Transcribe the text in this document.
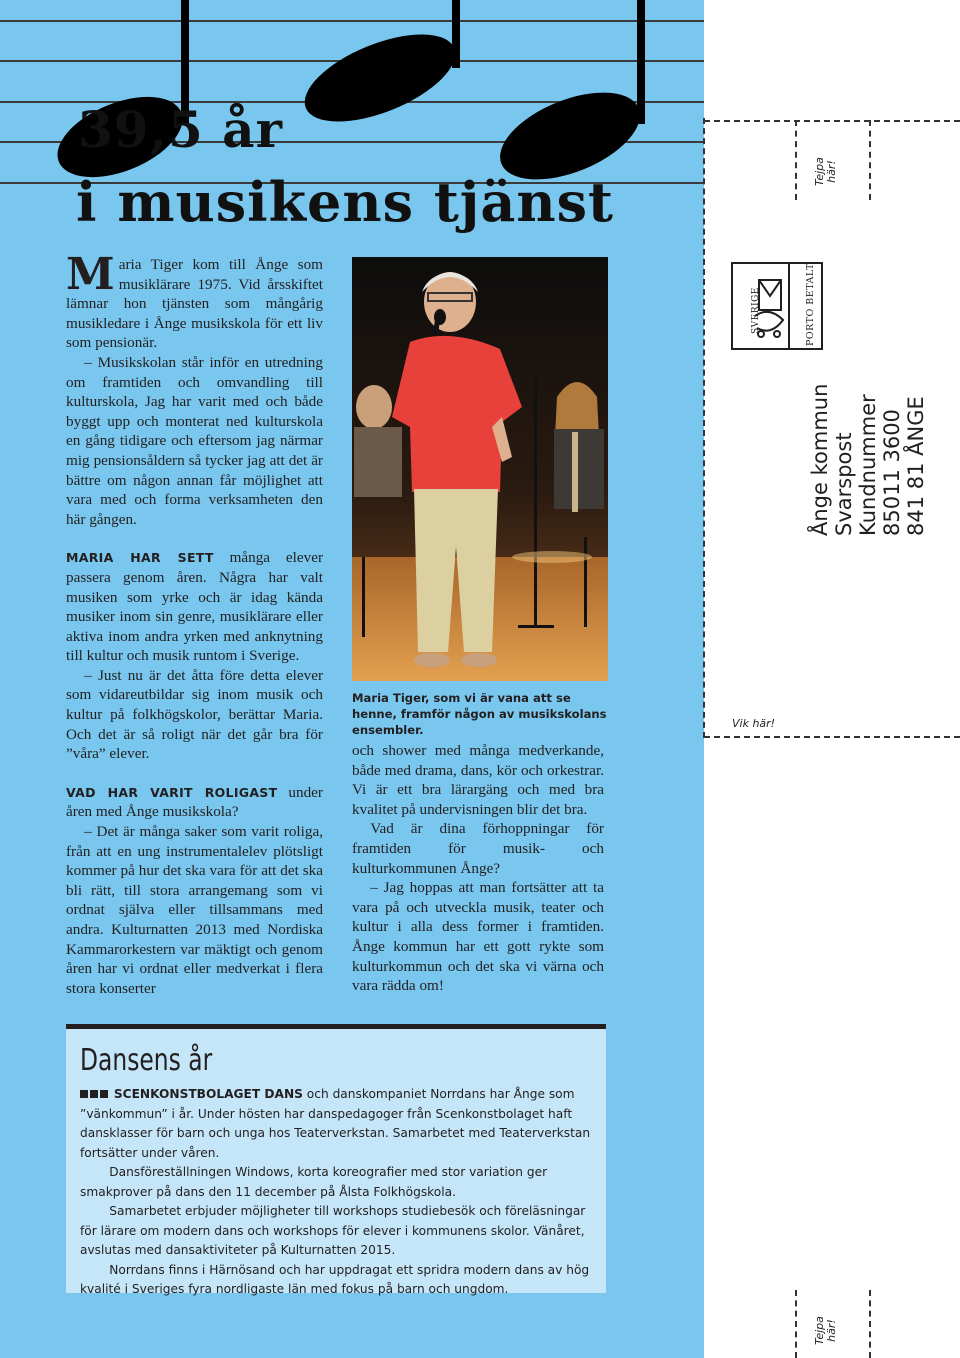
39,5 år
i musikens tjänst

Maria Tiger kom till Ånge som musiklärare 1975. Vid årsskiftet lämnar hon tjänsten som mångårig musikledare i Ånge musikskola för ett liv som pensionär.

– Musikskolan står inför en utredning om framtiden och omvandling till kulturskola, Jag har varit med och både byggt upp och monterat ned kulturskola en gång tidigare och eftersom jag närmar mig pensionsåldern så tycker jag att det är bättre om någon annan får möjlighet att vara med och forma verksamheten den här gången.

MARIA HAR SETT många elever passera genom åren. Några har valt musiken som yrke och är idag kända musiker inom sin genre, musiklärare eller aktiva inom andra yrken med anknytning till kultur och musik runtom i Sverige.

– Just nu är det åtta före detta elever som vidareutbildar sig inom musik och kultur på folkhögskolor, berättar Maria. Och det är så roligt när det går bra för ”våra” elever.

VAD HAR VARIT ROLIGAST under åren med Ånge musikskola?

– Det är många saker som varit roliga, från att en ung instrumentalelev plötsligt kommer på hur det ska vara för att det ska bli rätt, till stora arrangemang som vi ordnat själva eller tillsammans med andra. Kulturnatten 2013 med Nordiska Kammarorkestern var mäktigt och genom åren har vi ordnat eller medverkat i flera stora konserter

Maria Tiger, som vi är vana att se henne, framför någon av musikskolans ensembler.

och shower med många medverkande, både med drama, dans, kör och orkestrar. Vi är ett bra lärargäng och med bra kvalitet på undervisningen blir det bra.

Vad är dina förhoppningar för framtiden för musik- och kulturkommunen Ånge?

– Jag hoppas att man fortsätter att ta vara på och utveckla musik, teater och kultur i alla dess former i framtiden. Ånge kommun har ett gott rykte som kulturkommun och det ska vi värna och vara rädda om!

Dansens år

SCENKONSTBOLAGET DANS och danskompaniet Norrdans har Ånge som ”vänkommun” i år. Under hösten har danspedagoger från Scenkonstbolaget haft dansklasser för barn och unga hos Teaterverkstan. Samarbetet med Teaterverkstan fortsätter under våren.

Dansföreställningen Windows, korta koreografier med stor variation ger smakprover på dans den 11 december på Ålsta Folkhögskola.

Samarbetet erbjuder möjligheter till workshops studiebesök och föreläsningar för lärare om modern dans och workshops för elever i kommunens skolor. Vänåret, avslutas med dansaktiviteter på Kulturnatten 2015.

Norrdans finns i Härnösand och har uppdragat ett spridra modern dans av hög kvalité i Sveriges fyra nordligaste län med fokus på barn och ungdom.

Tejpa här!
SVERIGE	PORTO BETALT
Ånge kommun Svarspost Kundnummer 85011 3600 841 81 ÅNGE
Vik här!
Tejpa här!
